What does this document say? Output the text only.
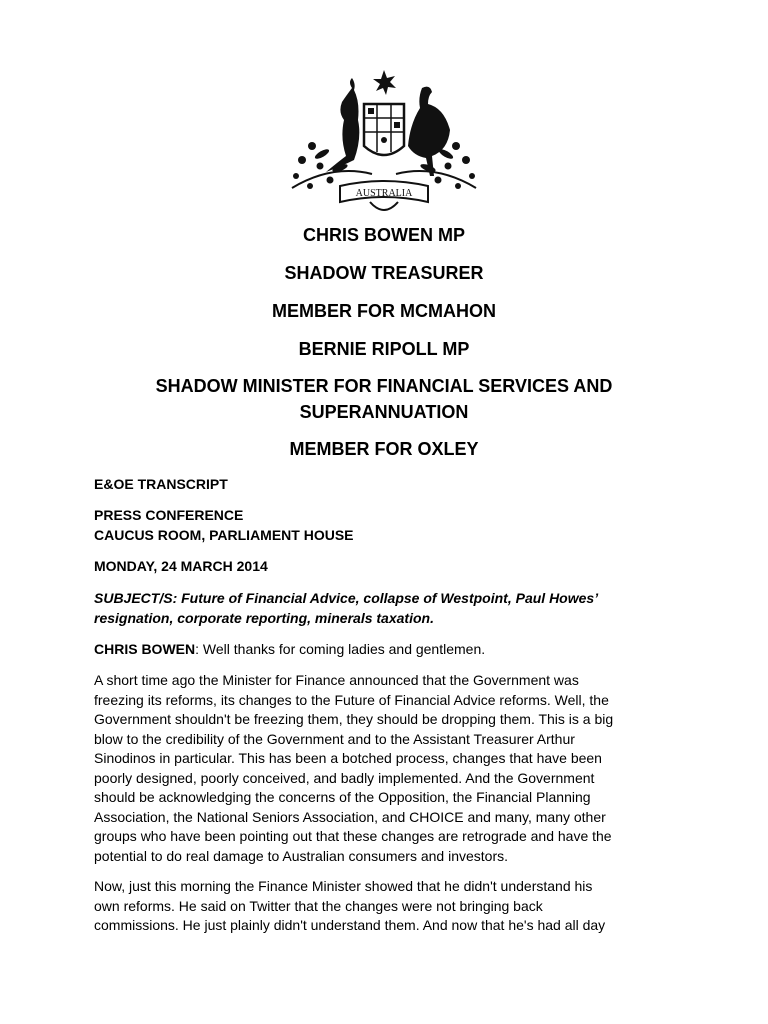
AUSTRALIA
CHRIS BOWEN MP
SHADOW TREASURER
MEMBER FOR MCMAHON
BERNIE RIPOLL MP
SHADOW MINISTER FOR FINANCIAL SERVICES AND
SUPERANNUATION
MEMBER FOR OXLEY
E&OE TRANSCRIPT
PRESS CONFERENCE
CAUCUS ROOM, PARLIAMENT HOUSE
MONDAY, 24 MARCH 2014
SUBJECT/S: Future of Financial Advice, collapse of Westpoint, Paul Howes’
resignation, corporate reporting, minerals taxation.
CHRIS BOWEN: Well thanks for coming ladies and gentlemen.
A short time ago the Minister for Finance announced that the Government was
freezing its reforms, its changes to the Future of Financial Advice reforms. Well, the
Government shouldn't be freezing them, they should be dropping them. This is a big
blow to the credibility of the Government and to the Assistant Treasurer Arthur
Sinodinos in particular. This has been a botched process, changes that have been
poorly designed, poorly conceived, and badly implemented. And the Government
should be acknowledging the concerns of the Opposition, the Financial Planning
Association, the National Seniors Association, and CHOICE and many, many other
groups who have been pointing out that these changes are retrograde and have the
potential to do real damage to Australian consumers and investors.
Now, just this morning the Finance Minister showed that he didn't understand his
own reforms. He said on Twitter that the changes were not bringing back
commissions. He just plainly didn't understand them. And now that he's had all day
